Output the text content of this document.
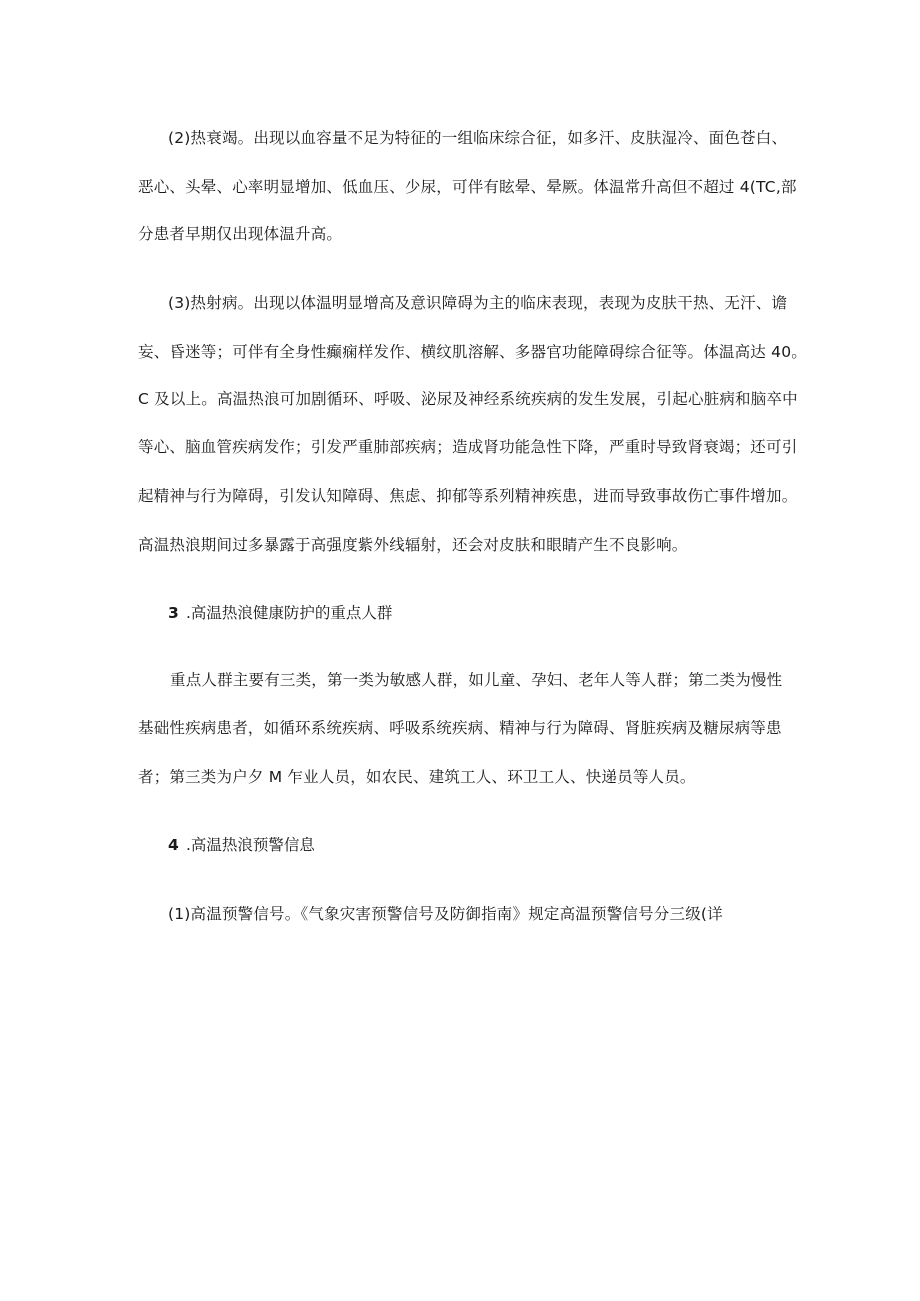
(2)热衰竭。出现以血容量不足为特征的一组临床综合征，如多汗、皮肤湿冷、面色苍白、
恶心、头晕、心率明显增加、低血压、少尿，可伴有眩晕、晕厥。体温常升高但不超过 4(TC,部
分患者早期仅出现体温升高。
(3)热射病。出现以体温明显增高及意识障碍为主的临床表现，表现为皮肤干热、无汗、谵
妄、昏迷等；可伴有全身性癫痫样发作、横纹肌溶解、多器官功能障碍综合征等。体温高达 40。
C 及以上。高温热浪可加剧循环、呼吸、泌尿及神经系统疾病的发生发展，引起心脏病和脑卒中
等心、脑血管疾病发作；引发严重肺部疾病；造成肾功能急性下降，严重时导致肾衰竭；还可引
起精神与行为障碍，引发认知障碍、焦虑、抑郁等系列精神疾患，进而导致事故伤亡事件增加。
高温热浪期间过多暴露于高强度紫外线辐射，还会对皮肤和眼睛产生不良影响。
3 .高温热浪健康防护的重点人群
重点人群主要有三类，第一类为敏感人群，如儿童、孕妇、老年人等人群；第二类为慢性
基础性疾病患者，如循环系统疾病、呼吸系统疾病、精神与行为障碍、肾脏疾病及糖尿病等患
者；第三类为户夕 M 乍业人员，如农民、建筑工人、环卫工人、快递员等人员。
4 .高温热浪预警信息
(1)高温预警信号。《气象灾害预警信号及防御指南》规定高温预警信号分三级(详
